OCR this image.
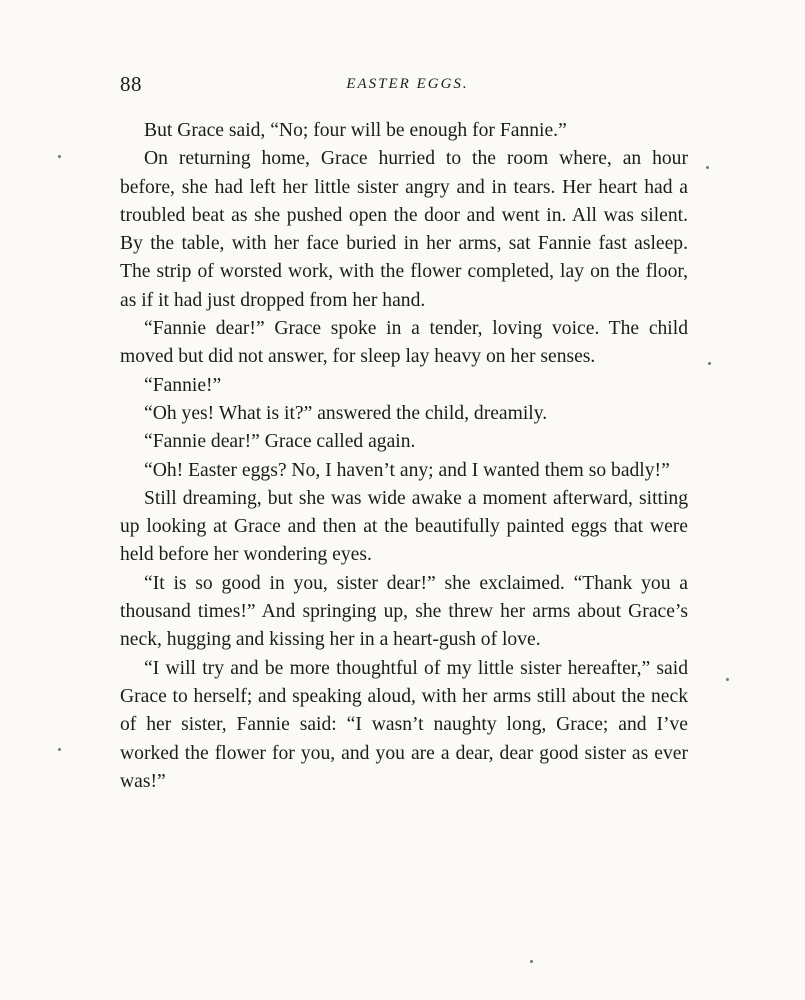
88	EASTER EGGS.

But Grace said, “No; four will be enough for Fannie.”

On returning home, Grace hurried to the room where, an hour before, she had left her little sister angry and in tears. Her heart had a troubled beat as she pushed open the door and went in. All was silent. By the table, with her face buried in her arms, sat Fannie fast asleep. The strip of worsted work, with the flower completed, lay on the floor, as if it had just dropped from her hand.

“Fannie dear!” Grace spoke in a tender, loving voice. The child moved but did not answer, for sleep lay heavy on her senses.

“Fannie!”

“Oh yes! What is it?” answered the child, dreamily.

“Fannie dear!” Grace called again.

“Oh! Easter eggs? No, I haven’t any; and I wanted them so badly!”

Still dreaming, but she was wide awake a moment afterward, sitting up looking at Grace and then at the beautifully painted eggs that were held before her wondering eyes.

“It is so good in you, sister dear!” she exclaimed. “Thank you a thousand times!” And springing up, she threw her arms about Grace’s neck, hugging and kissing her in a heart-gush of love.

“I will try and be more thoughtful of my little sister hereafter,” said Grace to herself; and speaking aloud, with her arms still about the neck of her sister, Fannie said: “I wasn’t naughty long, Grace; and I’ve worked the flower for you, and you are a dear, dear good sister as ever was!”
